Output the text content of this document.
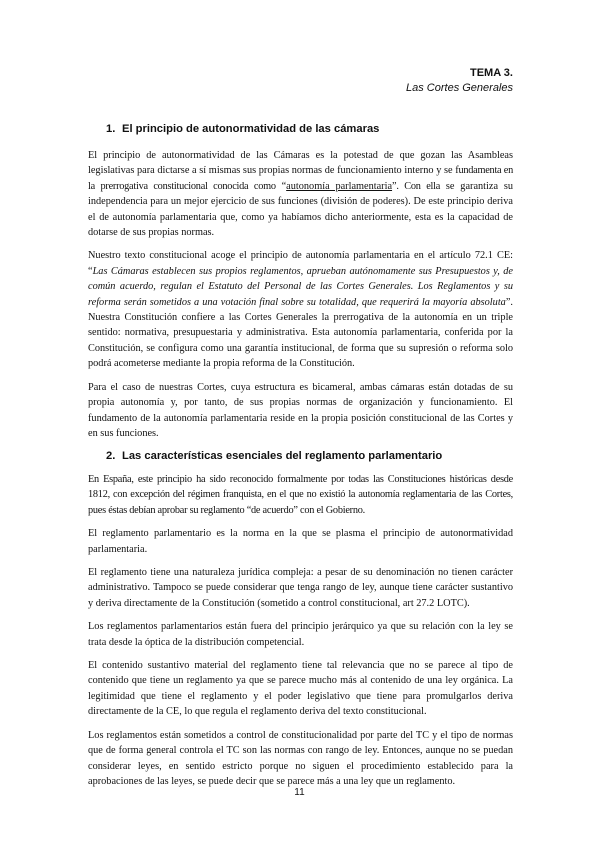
TEMA 3.
Las Cortes Generales
1. El principio de autonormatividad de las cámaras

El principio de autonormatividad de las Cámaras es la potestad de que gozan las Asambleas legislativas para dictarse a sí mismas sus propias normas de funcionamiento interno y se fundamenta en la prerrogativa constitucional conocida como “autonomía parlamentaria”. Con ella se garantiza su independencia para un mejor ejercicio de sus funciones (división de poderes). De este principio deriva el de autonomía parlamentaria que, como ya habíamos dicho anteriormente, esta es la capacidad de dotarse de sus propias normas.

Nuestro texto constitucional acoge el principio de autonomía parlamentaria en el artículo 72.1 CE: “Las Cámaras establecen sus propios reglamentos, aprueban autónomamente sus Presupuestos y, de común acuerdo, regulan el Estatuto del Personal de las Cortes Generales. Los Reglamentos y su reforma serán sometidos a una votación final sobre su totalidad, que requerirá la mayoría absoluta”. Nuestra Constitución confiere a las Cortes Generales la prerrogativa de la autonomía en un triple sentido: normativa, presupuestaria y administrativa. Esta autonomía parlamentaria, conferida por la Constitución, se configura como una garantía institucional, de forma que su supresión o reforma solo podrá acometerse mediante la propia reforma de la Constitución.

Para el caso de nuestras Cortes, cuya estructura es bicameral, ambas cámaras están dotadas de su propia autonomía y, por tanto, de sus propias normas de organización y funcionamiento. El fundamento de la autonomía parlamentaria reside en la propia posición constitucional de las Cortes y en sus funciones.

2. Las características esenciales del reglamento parlamentario

En España, este principio ha sido reconocido formalmente por todas las Constituciones históricas desde 1812, con excepción del régimen franquista, en el que no existió la autonomía reglamentaria de las Cortes, pues éstas debían aprobar su reglamento “de acuerdo” con el Gobierno.

El reglamento parlamentario es la norma en la que se plasma el principio de autonormatividad parlamentaria.

El reglamento tiene una naturaleza jurídica compleja: a pesar de su denominación no tienen carácter administrativo. Tampoco se puede considerar que tenga rango de ley, aunque tiene carácter sustantivo y deriva directamente de la Constitución (sometido a control constitucional, art 27.2 LOTC).

Los reglamentos parlamentarios están fuera del principio jerárquico ya que su relación con la ley se trata desde la óptica de la distribución competencial.

El contenido sustantivo material del reglamento tiene tal relevancia que no se parece al tipo de contenido que tiene un reglamento ya que se parece mucho más al contenido de una ley orgánica. La legitimidad que tiene el reglamento y el poder legislativo que tiene para promulgarlos deriva directamente de la CE, lo que regula el reglamento deriva del texto constitucional.

Los reglamentos están sometidos a control de constitucionalidad por parte del TC y el tipo de normas que de forma general controla el TC son las normas con rango de ley. Entonces, aunque no se puedan considerar leyes, en sentido estricto porque no siguen el procedimiento establecido para la aprobaciones de las leyes, se puede decir que se parece más a una ley que un reglamento.

11
